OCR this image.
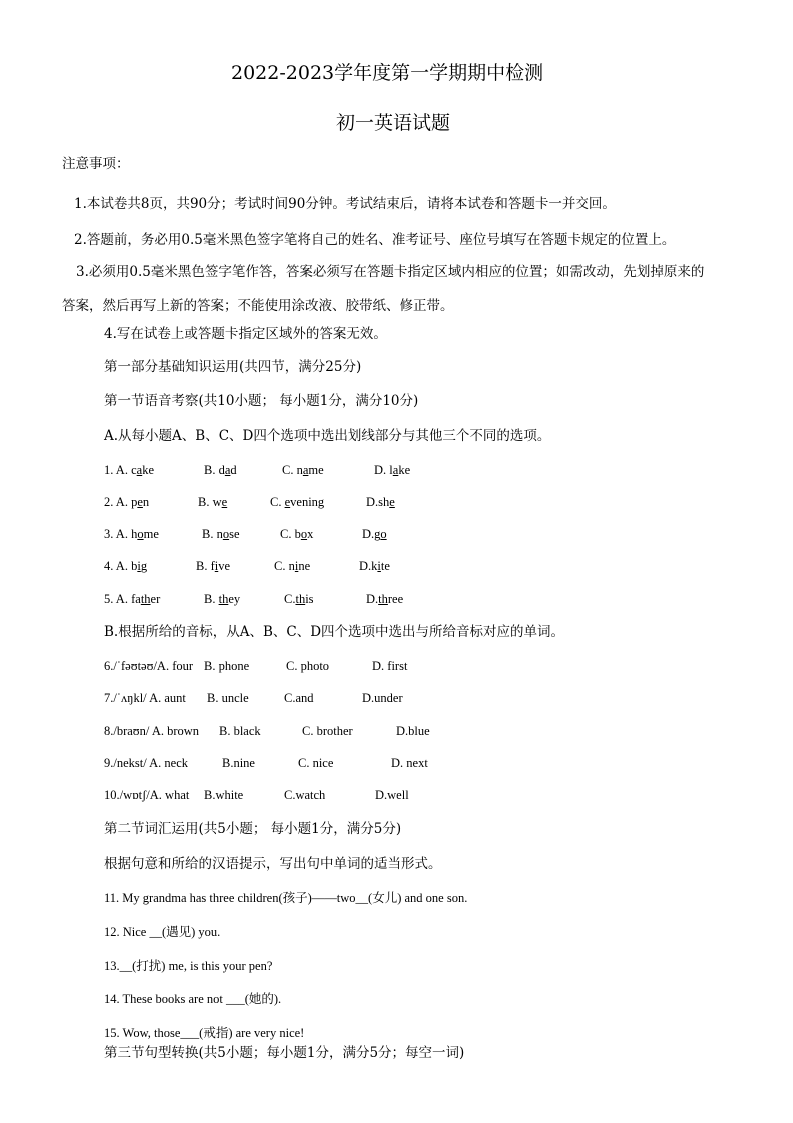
2022-2023学年度第一学期期中检测
初一英语试题
注意事项：
1.本试卷共8页，共90分；考试时间90分钟。考试结束后，请将本试卷和答题卡一并交回。
2.答题前，务必用0.5毫米黑色签字笔将自己的姓名、准考证号、座位号填写在答题卡规定的位置上。
3.必须用0.5毫米黑色签字笔作答，答案必须写在答题卡指定区域内相应的位置；如需改动，先划掉原来的
答案，然后再写上新的答案；不能使用涂改液、胶带纸、修正带。
4.写在试卷上或答题卡指定区域外的答案无效。
第一部分基础知识运用(共四节，满分25分)
第一节语音考察(共10小题； 每小题1分，满分10分)
A.从每小题A、B、C、D四个选项中选出划线部分与其他三个不同的选项。
1. A. cake	B. dad	C. name	D. lake
2. A. pen	B. we	C. evening	D.she
3. A. home	B. nose	C. box	D.go
4. A. big	B. five	C. nine	D.kite
5. A. father	B. they	C.this	D.three
B.根据所给的音标，从A、B、C、D四个选项中选出与所给音标对应的单词。
6./ˈfəʊtəʊ/A. four B. phone	C. photo	D. first
7./ˈʌŋkl/ A. aunt B. uncle	C.and	D.under
8./braʊn/ A. brown B. black	C. brother	D.blue
9./nekst/ A. neck	B.nine	C. nice	D. next
10./wɒtʃ/A. what B.white	C.watch	D.well
第二节词汇运用(共5小题； 每小题1分，满分5分)
根据句意和所给的汉语提示，写出句中单词的适当形式。
11. My grandma has three children(孩子)——two__(女儿) and one son.
12. Nice __(遇见) you.
13.__(打扰) me, is this your pen?
14. These books are not ___(她的).
15. Wow, those___(戒指) are very nice!
第三节句型转换(共5小题；每小题1分，满分5分；每空一词)
